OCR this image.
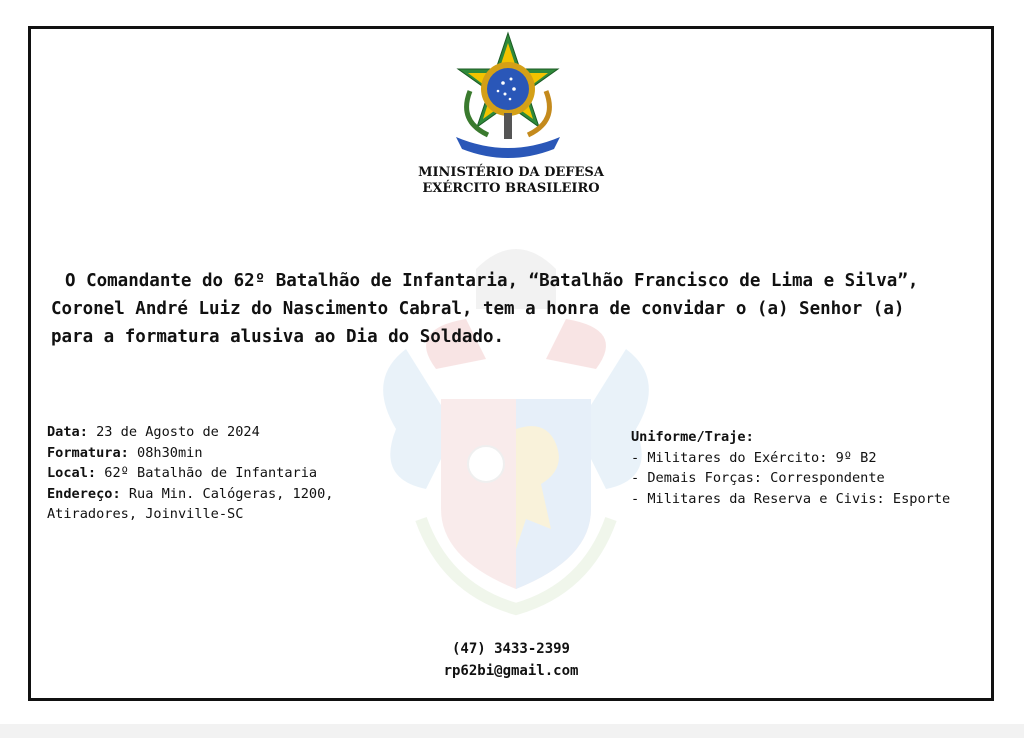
MINISTÉRIO DA DEFESA
EXÉRCITO BRASILEIRO
O Comandante do 62º Batalhão de Infantaria, “Batalhão Francisco de Lima e Silva”,
Coronel André Luiz do Nascimento Cabral, tem a honra de convidar o (a) Senhor (a)
para a formatura alusiva ao Dia do Soldado.
Data: 23 de Agosto de 2024
Formatura: 08h30min
Local: 62º Batalhão de Infantaria
Endereço: Rua Min. Calógeras, 1200,
Atiradores, Joinville-SC
Uniforme/Traje:
- Militares do Exército: 9º B2
- Demais Forças: Correspondente
- Militares da Reserva e Civis: Esporte
(47) 3433-2399
rp62bi@gmail.com
